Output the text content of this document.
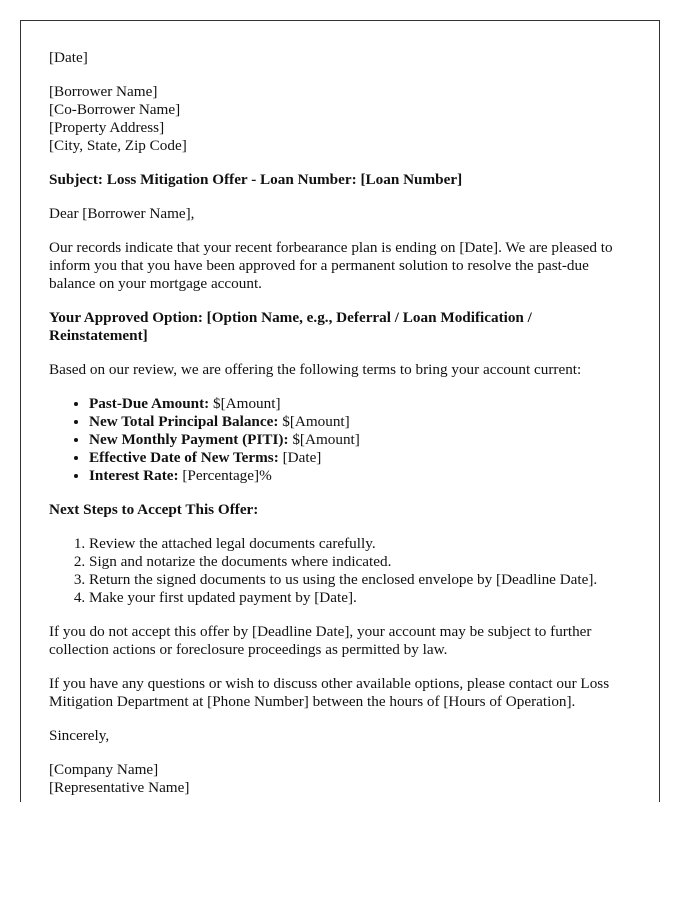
[Date]

[Borrower Name]
[Co-Borrower Name]
[Property Address]
[City, State, Zip Code]

Subject: Loss Mitigation Offer - Loan Number: [Loan Number]

Dear [Borrower Name],

Our records indicate that your recent forbearance plan is ending on [Date]. We are pleased to inform you that you have been approved for a permanent solution to resolve the past-due balance on your mortgage account.

Your Approved Option: [Option Name, e.g., Deferral / Loan Modification / Reinstatement]

Based on our review, we are offering the following terms to bring your account current:

• Past-Due Amount: $[Amount]
• New Total Principal Balance: $[Amount]
• New Monthly Payment (PITI): $[Amount]
• Effective Date of New Terms: [Date]
• Interest Rate: [Percentage]%

Next Steps to Accept This Offer:

1. Review the attached legal documents carefully.
2. Sign and notarize the documents where indicated.
3. Return the signed documents to us using the enclosed envelope by [Deadline Date].
4. Make your first updated payment by [Date].

If you do not accept this offer by [Deadline Date], your account may be subject to further collection actions or foreclosure proceedings as permitted by law.

If you have any questions or wish to discuss other available options, please contact our Loss Mitigation Department at [Phone Number] between the hours of [Hours of Operation].

Sincerely,

[Company Name]
[Representative Name]
